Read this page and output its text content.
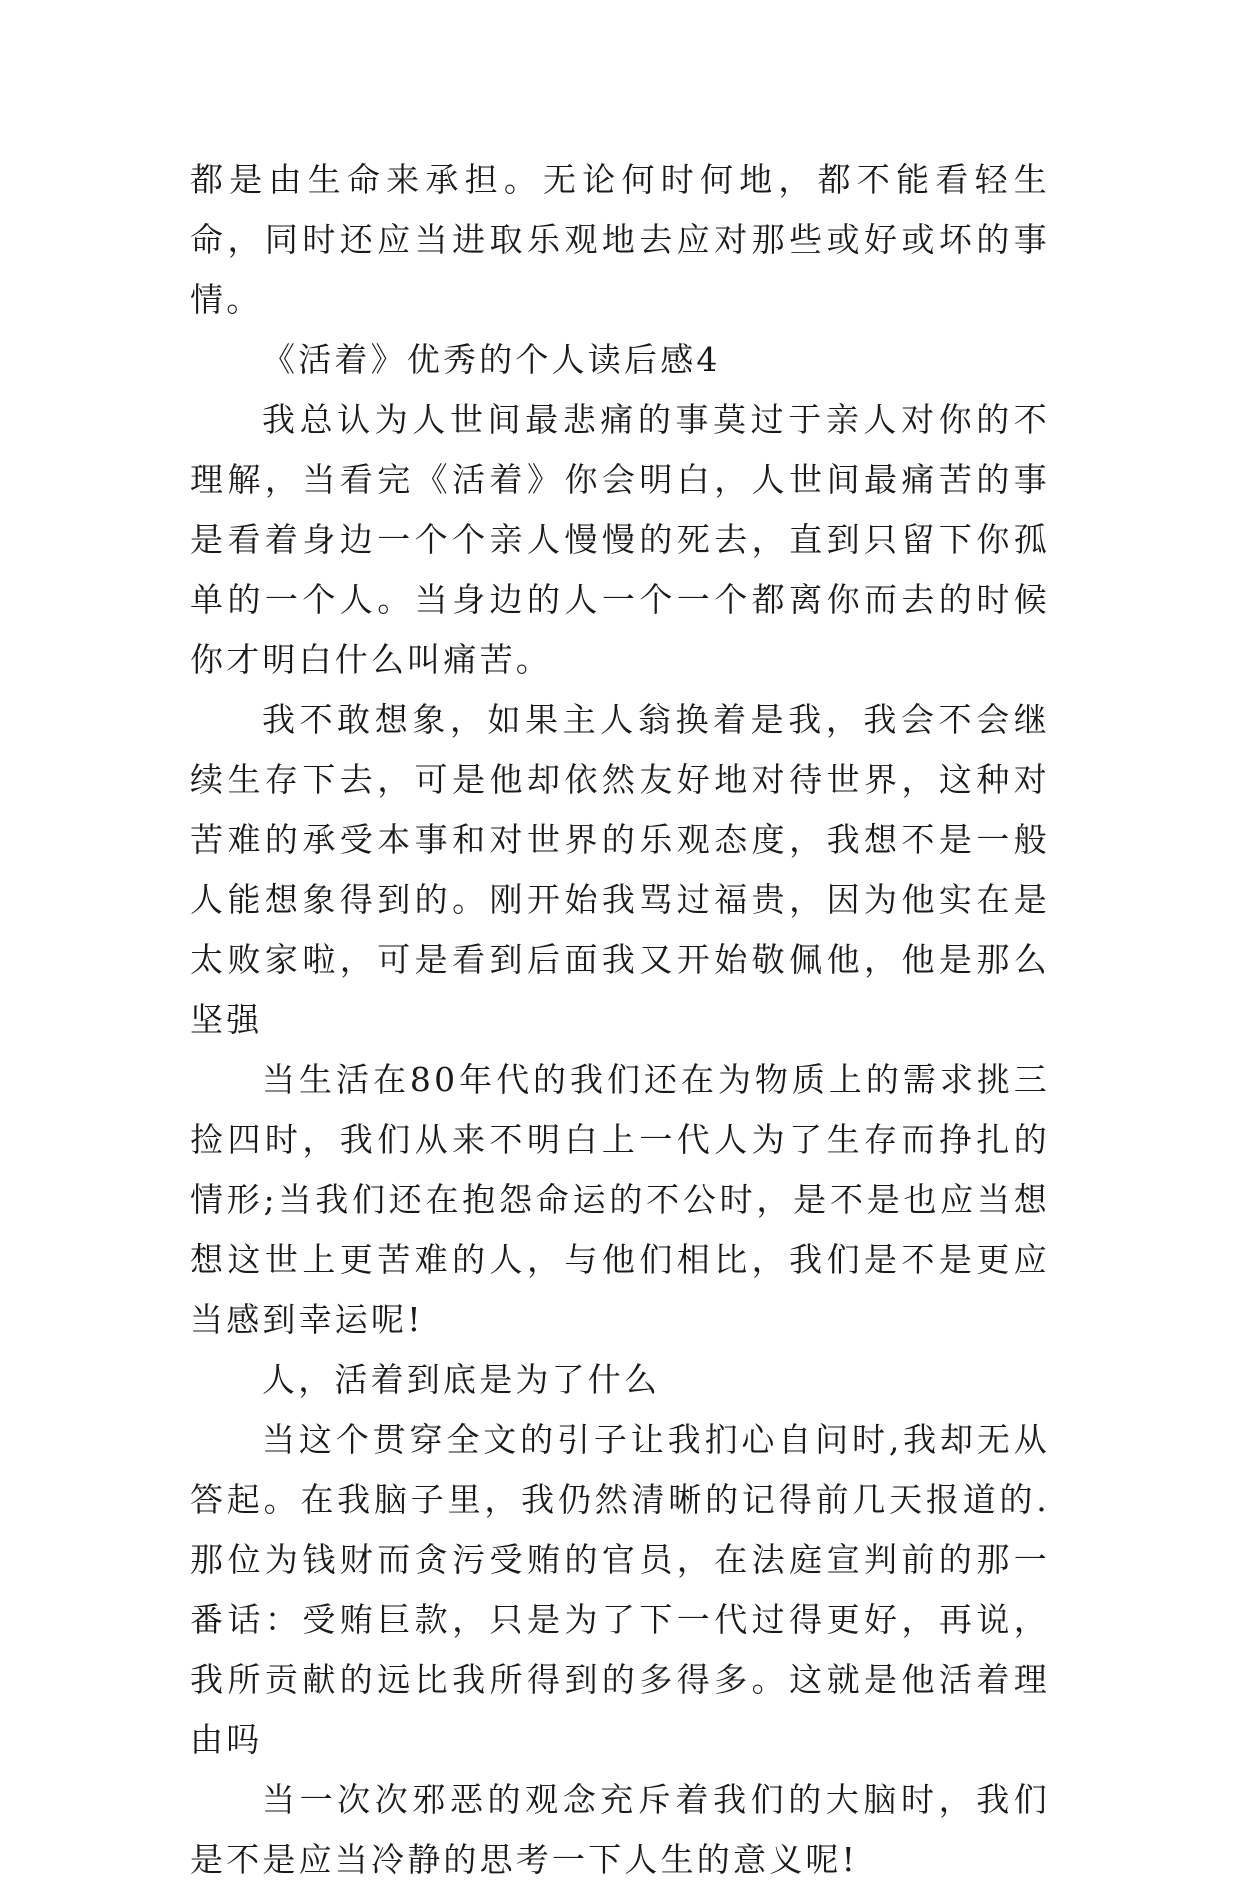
都是由生命来承担。无论何时何地，都不能看轻生命，同时还应当进取乐观地去应对那些或好或坏的事情。

《活着》优秀的个人读后感4

我总认为人世间最悲痛的事莫过于亲人对你的不理解，当看完《活着》你会明白，人世间最痛苦的事是看着身边一个个亲人慢慢的死去，直到只留下你孤单的一个人。当身边的人一个一个都离你而去的时候你才明白什么叫痛苦。

我不敢想象，如果主人翁换着是我，我会不会继续生存下去，可是他却依然友好地对待世界，这种对苦难的承受本事和对世界的乐观态度，我想不是一般人能想象得到的。刚开始我骂过福贵，因为他实在是太败家啦，可是看到后面我又开始敬佩他，他是那么坚强

当生活在80年代的我们还在为物质上的需求挑三捡四时，我们从来不明白上一代人为了生存而挣扎的情形;当我们还在抱怨命运的不公时，是不是也应当想想这世上更苦难的人，与他们相比，我们是不是更应当感到幸运呢!

人，活着到底是为了什么

当这个贯穿全文的引子让我扪心自问时,我却无从答起。在我脑子里，我仍然清晰的记得前几天报道的.那位为钱财而贪污受贿的官员，在法庭宣判前的那一番话：受贿巨款，只是为了下一代过得更好，再说，我所贡献的远比我所得到的多得多。这就是他活着理由吗

当一次次邪恶的观念充斥着我们的大脑时，我们是不是应当冷静的思考一下人生的意义呢!
